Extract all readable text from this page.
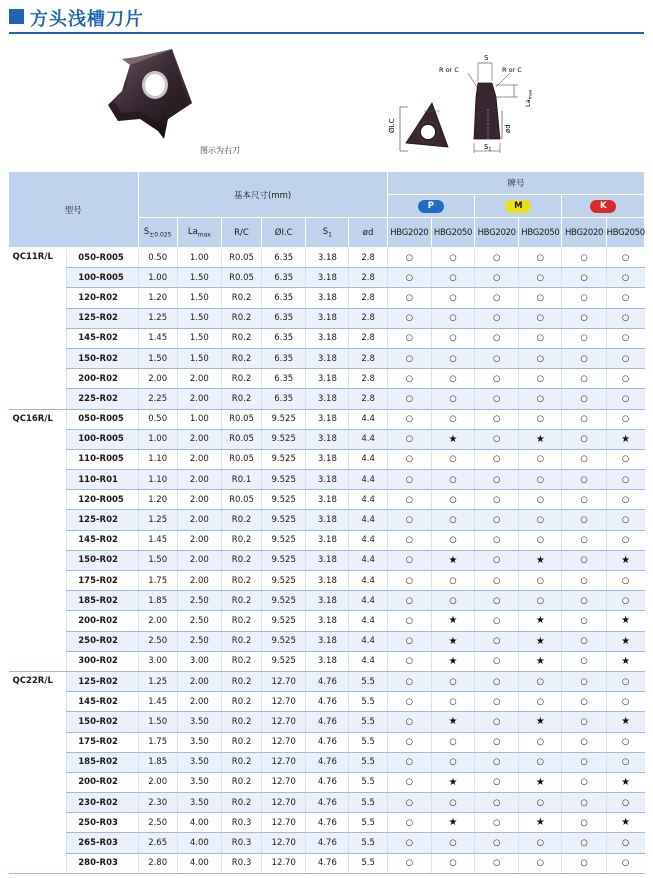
方头浅槽刀片
图示为右刀
ØI.C
R or C
S
R or C
$La_{max}$
ød
$S_1$
型号		基本尺寸(mm)						牌号					
								P		M		K	
		$S_{\pm 0.025}$	$La_{max}$	R/C	ØI.C	$S_1$	ød	HBG2020	HBG2050	HBG2020	HBG2050	HBG2020	HBG2050
QC11R/L	050-R005	0.50	1.00	R0.05	6.35	3.18	2.8	○	○	○	○	○	○
	100-R005	1.00	1.50	R0.05	6.35	3.18	2.8	○	○	○	○	○	○
	120-R02	1.20	1.50	R0.2	6.35	3.18	2.8	○	○	○	○	○	○
	125-R02	1.25	1.50	R0.2	6.35	3.18	2.8	○	○	○	○	○	○
	145-R02	1.45	1.50	R0.2	6.35	3.18	2.8	○	○	○	○	○	○
	150-R02	1.50	1.50	R0.2	6.35	3.18	2.8	○	○	○	○	○	○
	200-R02	2.00	2.00	R0.2	6.35	3.18	2.8	○	○	○	○	○	○
	225-R02	2.25	2.00	R0.2	6.35	3.18	2.8	○	○	○	○	○	○
QC16R/L	050-R005	0.50	1.00	R0.05	9.525	3.18	4.4	○	○	○	○	○	○
	100-R005	1.00	2.00	R0.05	9.525	3.18	4.4	○	★	○	★	○	★
	110-R005	1.10	2.00	R0.05	9.525	3.18	4.4	○	○	○	○	○	○
	110-R01	1.10	2.00	R0.1	9.525	3.18	4.4	○	○	○	○	○	○
	120-R005	1.20	2.00	R0.05	9.525	3.18	4.4	○	○	○	○	○	○
	125-R02	1.25	2.00	R0.2	9.525	3.18	4.4	○	○	○	○	○	○
	145-R02	1.45	2.00	R0.2	9.525	3.18	4.4	○	○	○	○	○	○
	150-R02	1.50	2.00	R0.2	9.525	3.18	4.4	○	★	○	★	○	★
	175-R02	1.75	2.00	R0.2	9.525	3.18	4.4	○	○	○	○	○	○
	185-R02	1.85	2.50	R0.2	9.525	3.18	4.4	○	○	○	○	○	○
	200-R02	2.00	2.50	R0.2	9.525	3.18	4.4	○	★	○	★	○	★
	250-R02	2.50	2.50	R0.2	9.525	3.18	4.4	○	★	○	★	○	★
	300-R02	3.00	3.00	R0.2	9.525	3.18	4.4	○	★	○	★	○	★
QC22R/L	125-R02	1.25	2.00	R0.2	12.70	4.76	5.5	○	○	○	○	○	○
	145-R02	1.45	2.00	R0.2	12.70	4.76	5.5	○	○	○	○	○	○
	150-R02	1.50	3.50	R0.2	12.70	4.76	5.5	○	★	○	★	○	★
	175-R02	1.75	3.50	R0.2	12.70	4.76	5.5	○	○	○	○	○	○
	185-R02	1.85	3.50	R0.2	12.70	4.76	5.5	○	○	○	○	○	○
	200-R02	2.00	3.50	R0.2	12.70	4.76	5.5	○	★	○	★	○	★
	230-R02	2.30	3.50	R0.2	12.70	4.76	5.5	○	○	○	○	○	○
	250-R03	2.50	4.00	R0.3	12.70	4.76	5.5	○	★	○	★	○	★
	265-R03	2.65	4.00	R0.3	12.70	4.76	5.5	○	○	○	○	○	○
	280-R03	2.80	4.00	R0.3	12.70	4.76	5.5	○	○	○	○	○	○
